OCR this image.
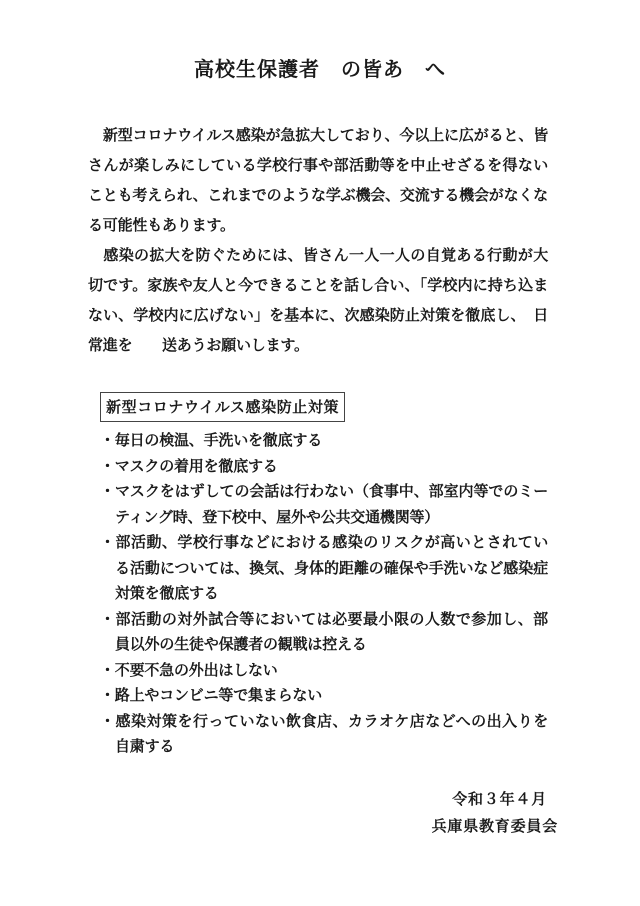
高校生保護者　の皆あ　へ
　新型コロナウイルス感染が急拡大しており、今以上に広がると、皆
さんが楽しみにしている学校行事や部活動等を中止せざるを得ない
ことも考えられ、これまでのような学ぶ機会、交流する機会がなくな
る可能性もあります。
　感染の拡大を防ぐためには、皆さん一人一人の自覚ある行動が大
切です。家族や友人と今できることを話し合い、「学校内に持ち込ま
ない、学校内に広げない」を基本に、次感染防止対策を徹底し、　日
常進を　　送あうお願いします。
新型コロナウイルス感染防止対策
・毎日の検温、手洗いを徹底する
・マスクの着用を徹底する
・マスクをはずしての会話は行わない（食事中、部室内等でのミー
ティング時、登下校中、屋外や公共交通機関等）
・部活動、学校行事などにおける感染のリスクが高いとされてい
る活動については、換気、身体的距離の確保や手洗いなど感染症
対策を徹底する
・部活動の対外試合等においては必要最小限の人数で参加し、部
員以外の生徒や保護者の観戦は控える
・不要不急の外出はしない
・路上やコンビニ等で集まらない
・感染対策を行っていない飲食店、カラオケ店などへの出入りを
自粛する
令和３年４月
兵庫県教育委員会
